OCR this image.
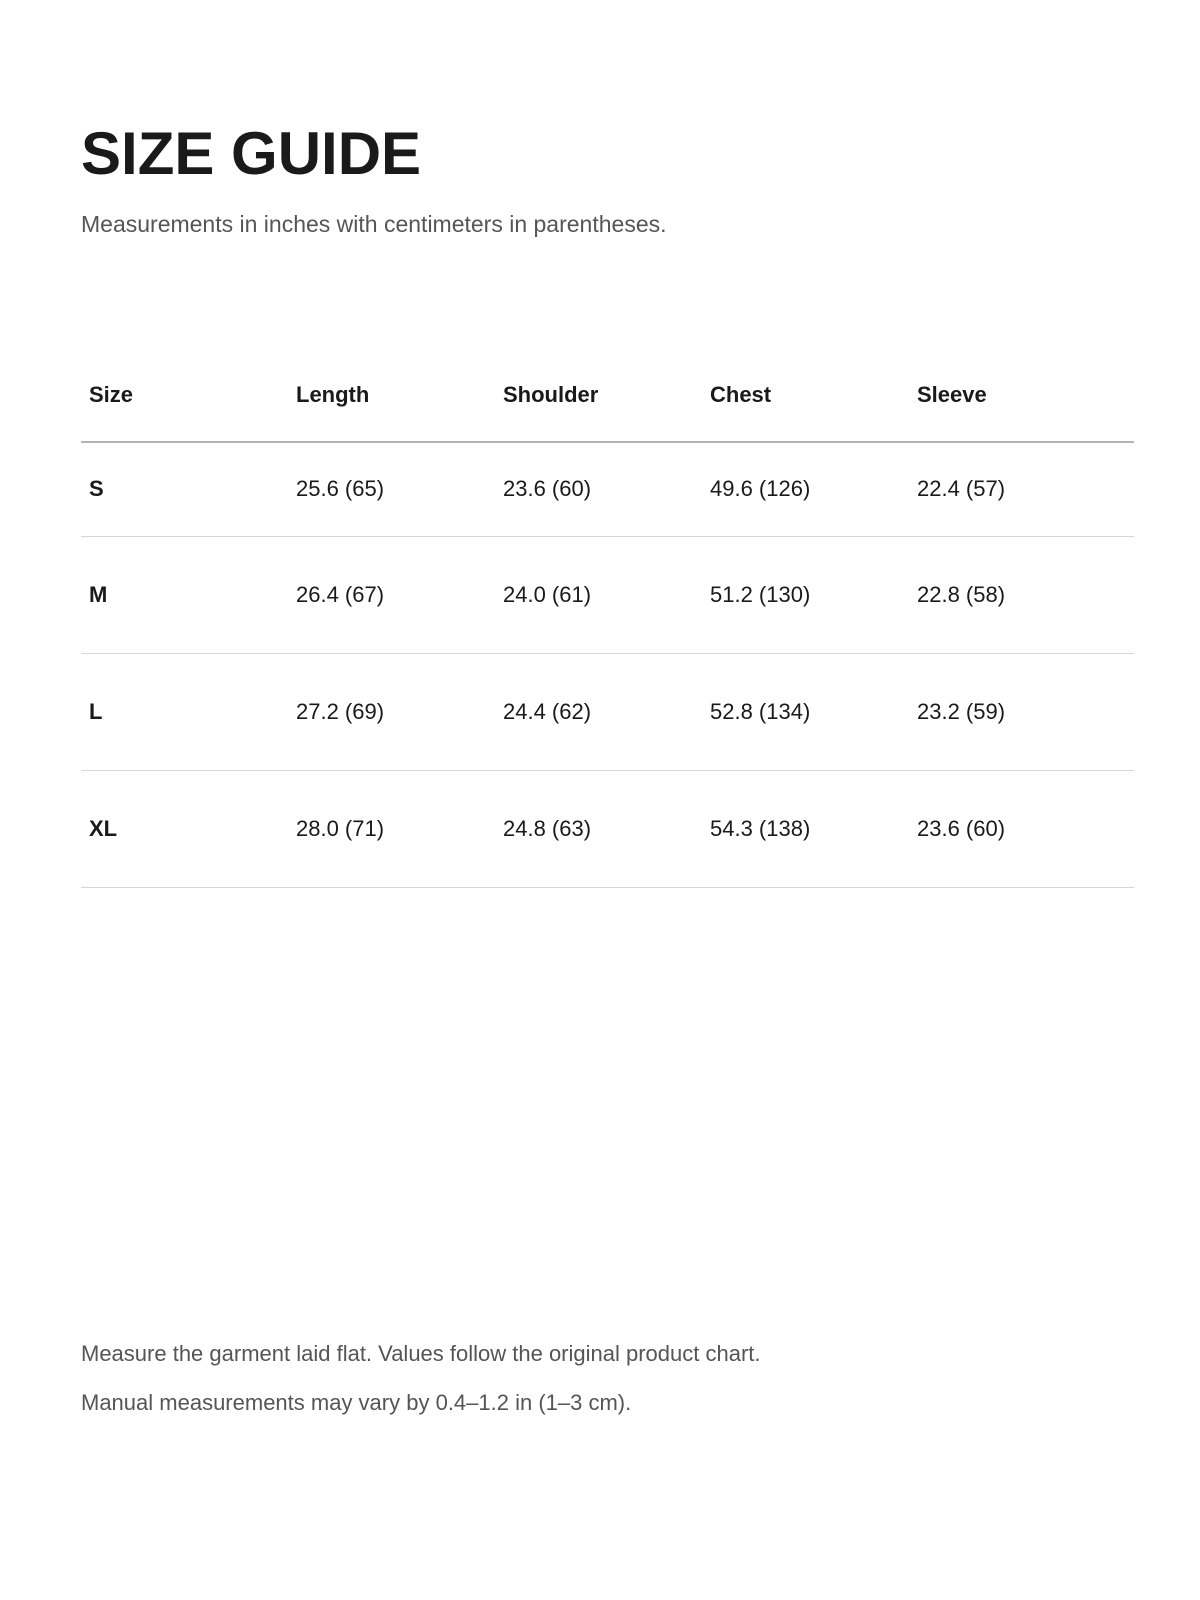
SIZE GUIDE

Measurements in inches with centimeters in parentheses.

Size	Length	Shoulder	Chest	Sleeve
S	25.6 (65)	23.6 (60)	49.6 (126)	22.4 (57)
M	26.4 (67)	24.0 (61)	51.2 (130)	22.8 (58)
L	27.2 (69)	24.4 (62)	52.8 (134)	23.2 (59)
XL	28.0 (71)	24.8 (63)	54.3 (138)	23.6 (60)

Measure the garment laid flat. Values follow the original product chart.

Manual measurements may vary by 0.4–1.2 in (1–3 cm).
